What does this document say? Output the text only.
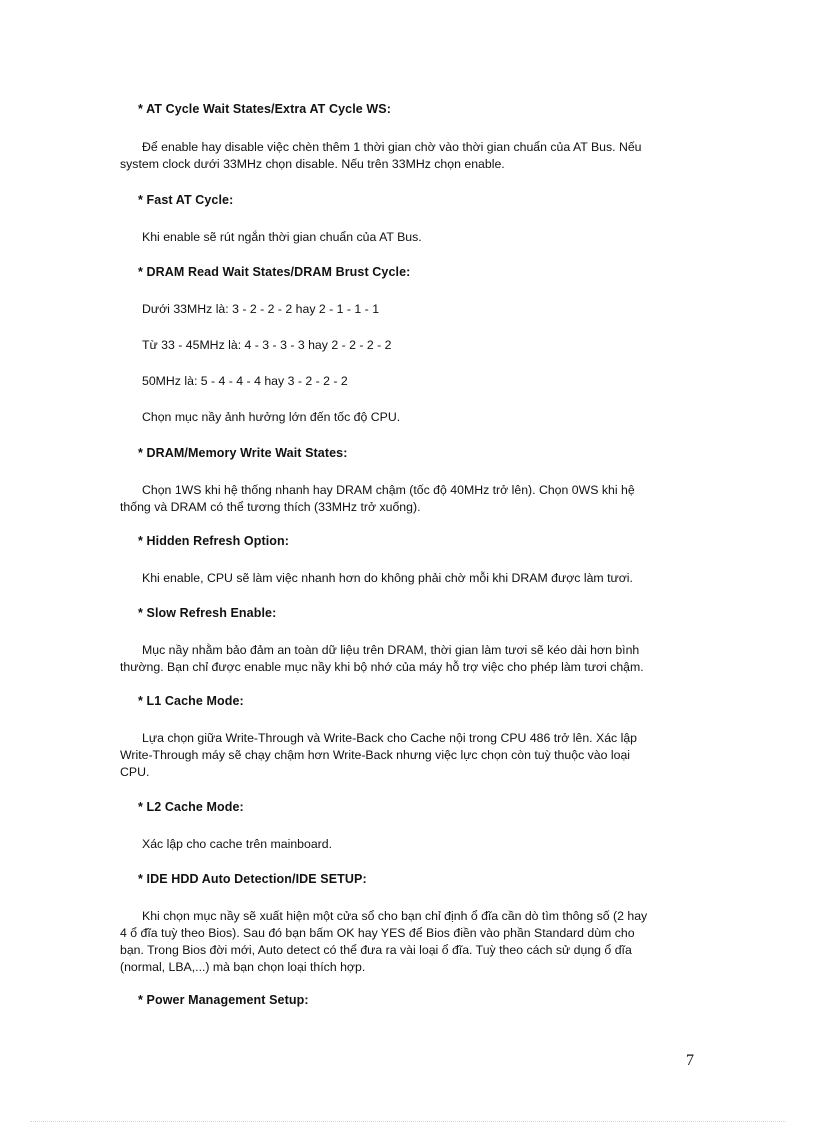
* AT Cycle Wait States/Extra AT Cycle WS:
Để enable hay disable việc chèn thêm 1 thời gian chờ vào thời gian chuẩn của AT Bus. Nếu
system clock dưới 33MHz chọn disable. Nếu trên 33MHz chọn enable.
* Fast AT Cycle:
Khi enable sẽ rút ngắn thời gian chuẩn của AT Bus.
* DRAM Read Wait States/DRAM Brust Cycle:
Dưới 33MHz là: 3 - 2 - 2 - 2 hay 2 - 1 - 1 - 1
Từ 33 - 45MHz là: 4 - 3 - 3 - 3 hay 2 - 2 - 2 - 2
50MHz là: 5 - 4 - 4 - 4 hay 3 - 2 - 2 - 2
Chọn mục nầy ảnh hưởng lớn đến tốc độ CPU.
* DRAM/Memory Write Wait States:
Chọn 1WS khi hệ thống nhanh hay DRAM chậm (tốc độ 40MHz trở lên). Chọn 0WS khi hệ
thống và DRAM có thể tương thích (33MHz trở xuống).
* Hidden Refresh Option:
Khi enable, CPU sẽ làm việc nhanh hơn do không phải chờ mỗi khi DRAM được làm tươi.
* Slow Refresh Enable:
Mục nầy nhằm bảo đảm an toàn dữ liệu trên DRAM, thời gian làm tươi sẽ kéo dài hơn bình
thường. Bạn chỉ được enable mục nầy khi bộ nhớ của máy hỗ trợ việc cho phép làm tươi chậm.
* L1 Cache Mode:
Lựa chọn giữa Write-Through và Write-Back cho Cache nội trong CPU 486 trở lên. Xác lập
Write-Through máy sẽ chạy chậm hơn Write-Back nhưng việc lực chọn còn tuỳ thuộc vào loại
CPU.
* L2 Cache Mode:
Xác lập cho cache trên mainboard.
* IDE HDD Auto Detection/IDE SETUP:
Khi chọn mục nầy sẽ xuất hiện một cửa sổ cho bạn chỉ định ổ đĩa cần dò tìm thông số (2 hay
4 ổ đĩa tuỳ theo Bios). Sau đó bạn bấm OK hay YES để Bios điền vào phần Standard dùm cho
bạn. Trong Bios đời mới, Auto detect có thể đưa ra vài loại ổ đĩa. Tuỳ theo cách sử dụng ổ dĩa
(normal, LBA,...) mà bạn chọn loại thích hợp.
* Power Management Setup:
7
